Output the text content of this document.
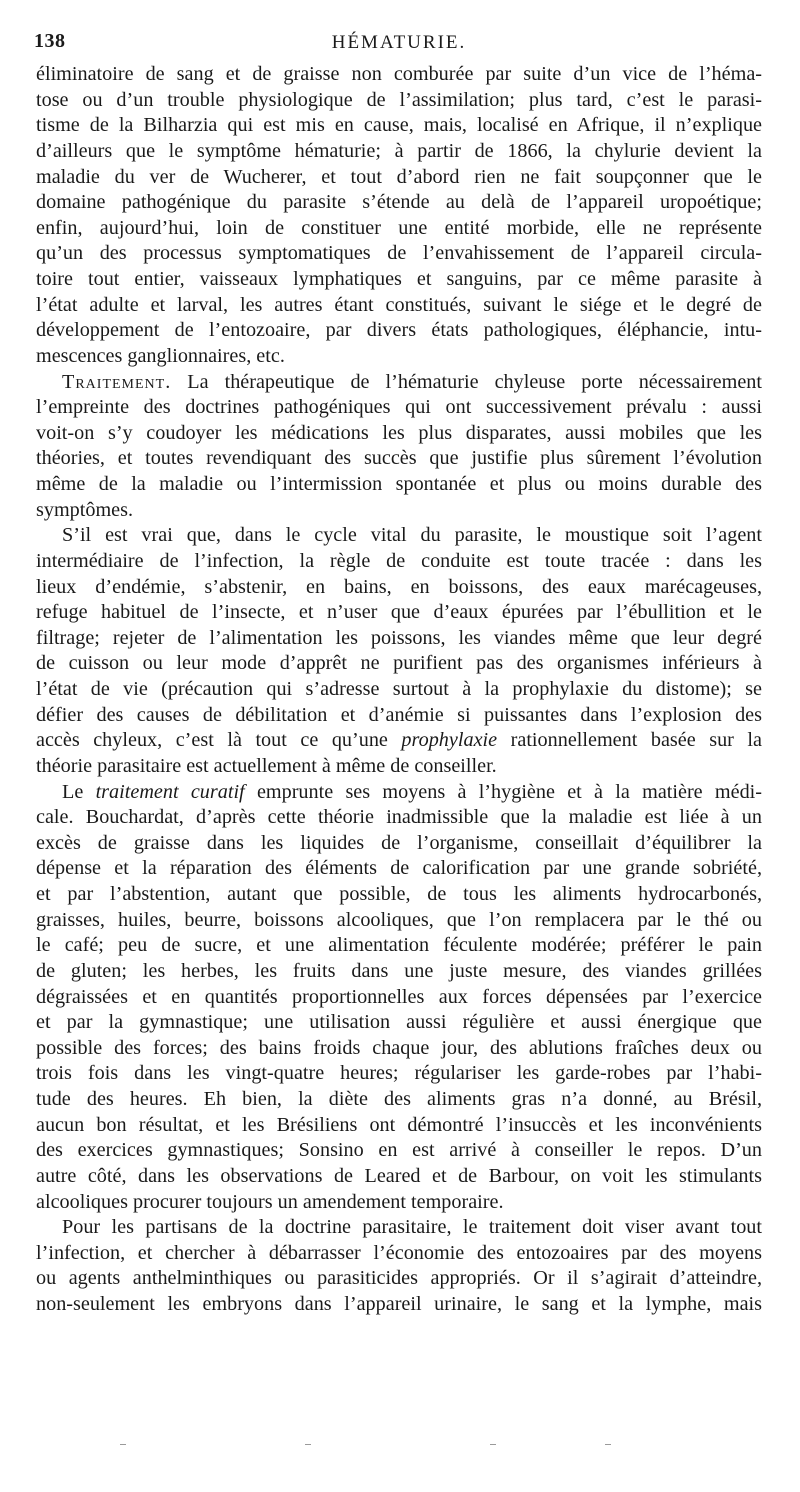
138	HÉMATURIE.

éliminatoire de sang et de graisse non comburée par suite d’un vice de l’héma-
tose ou d’un trouble physiologique de l’assimilation; plus tard, c’est le parasi-
tisme de la Bilharzia qui est mis en cause, mais, localisé en Afrique, il n’explique
d’ailleurs que le symptôme hématurie; à partir de 1866, la chylurie devient la
maladie du ver de Wucherer, et tout d’abord rien ne fait soupçonner que le
domaine pathogénique du parasite s’étende au delà de l’appareil uropoétique;
enfin, aujourd’hui, loin de constituer une entité morbide, elle ne représente
qu’un des processus symptomatiques de l’envahissement de l’appareil circula-
toire tout entier, vaisseaux lymphatiques et sanguins, par ce même parasite à
l’état adulte et larval, les autres étant constitués, suivant le siége et le degré de
développement de l’entozoaire, par divers états pathologiques, éléphancie, intu-
mescences ganglionnaires, etc.

Traitement. La thérapeutique de l’hématurie chyleuse porte nécessairement
l’empreinte des doctrines pathogéniques qui ont successivement prévalu : aussi
voit-on s’y coudoyer les médications les plus disparates, aussi mobiles que les
théories, et toutes revendiquant des succès que justifie plus sûrement l’évolution
même de la maladie ou l’intermission spontanée et plus ou moins durable des
symptômes.

S’il est vrai que, dans le cycle vital du parasite, le moustique soit l’agent
intermédiaire de l’infection, la règle de conduite est toute tracée : dans les
lieux d’endémie, s’abstenir, en bains, en boissons, des eaux marécageuses,
refuge habituel de l’insecte, et n’user que d’eaux épurées par l’ébullition et le
filtrage; rejeter de l’alimentation les poissons, les viandes même que leur degré
de cuisson ou leur mode d’apprêt ne purifient pas des organismes inférieurs à
l’état de vie (précaution qui s’adresse surtout à la prophylaxie du distome); se
défier des causes de débilitation et d’anémie si puissantes dans l’explosion des
accès chyleux, c’est là tout ce qu’une prophylaxie rationnellement basée sur la
théorie parasitaire est actuellement à même de conseiller.

Le traitement curatif emprunte ses moyens à l’hygiène et à la matière médi-
cale. Bouchardat, d’après cette théorie inadmissible que la maladie est liée à un
excès de graisse dans les liquides de l’organisme, conseillait d’équilibrer la
dépense et la réparation des éléments de calorification par une grande sobriété,
et par l’abstention, autant que possible, de tous les aliments hydrocarbonés,
graisses, huiles, beurre, boissons alcooliques, que l’on remplacera par le thé ou
le café; peu de sucre, et une alimentation féculente modérée; préférer le pain
de gluten; les herbes, les fruits dans une juste mesure, des viandes grillées
dégraissées et en quantités proportionnelles aux forces dépensées par l’exercice
et par la gymnastique; une utilisation aussi régulière et aussi énergique que
possible des forces; des bains froids chaque jour, des ablutions fraîches deux ou
trois fois dans les vingt-quatre heures; régulariser les garde-robes par l’habi-
tude des heures. Eh bien, la diète des aliments gras n’a donné, au Brésil,
aucun bon résultat, et les Brésiliens ont démontré l’insuccès et les inconvénients
des exercices gymnastiques; Sonsino en est arrivé à conseiller le repos. D’un
autre côté, dans les observations de Leared et de Barbour, on voit les stimulants
alcooliques procurer toujours un amendement temporaire.

Pour les partisans de la doctrine parasitaire, le traitement doit viser avant tout
l’infection, et chercher à débarrasser l’économie des entozoaires par des moyens
ou agents anthelminthiques ou parasiticides appropriés. Or il s’agirait d’atteindre,
non-seulement les embryons dans l’appareil urinaire, le sang et la lymphe, mais
